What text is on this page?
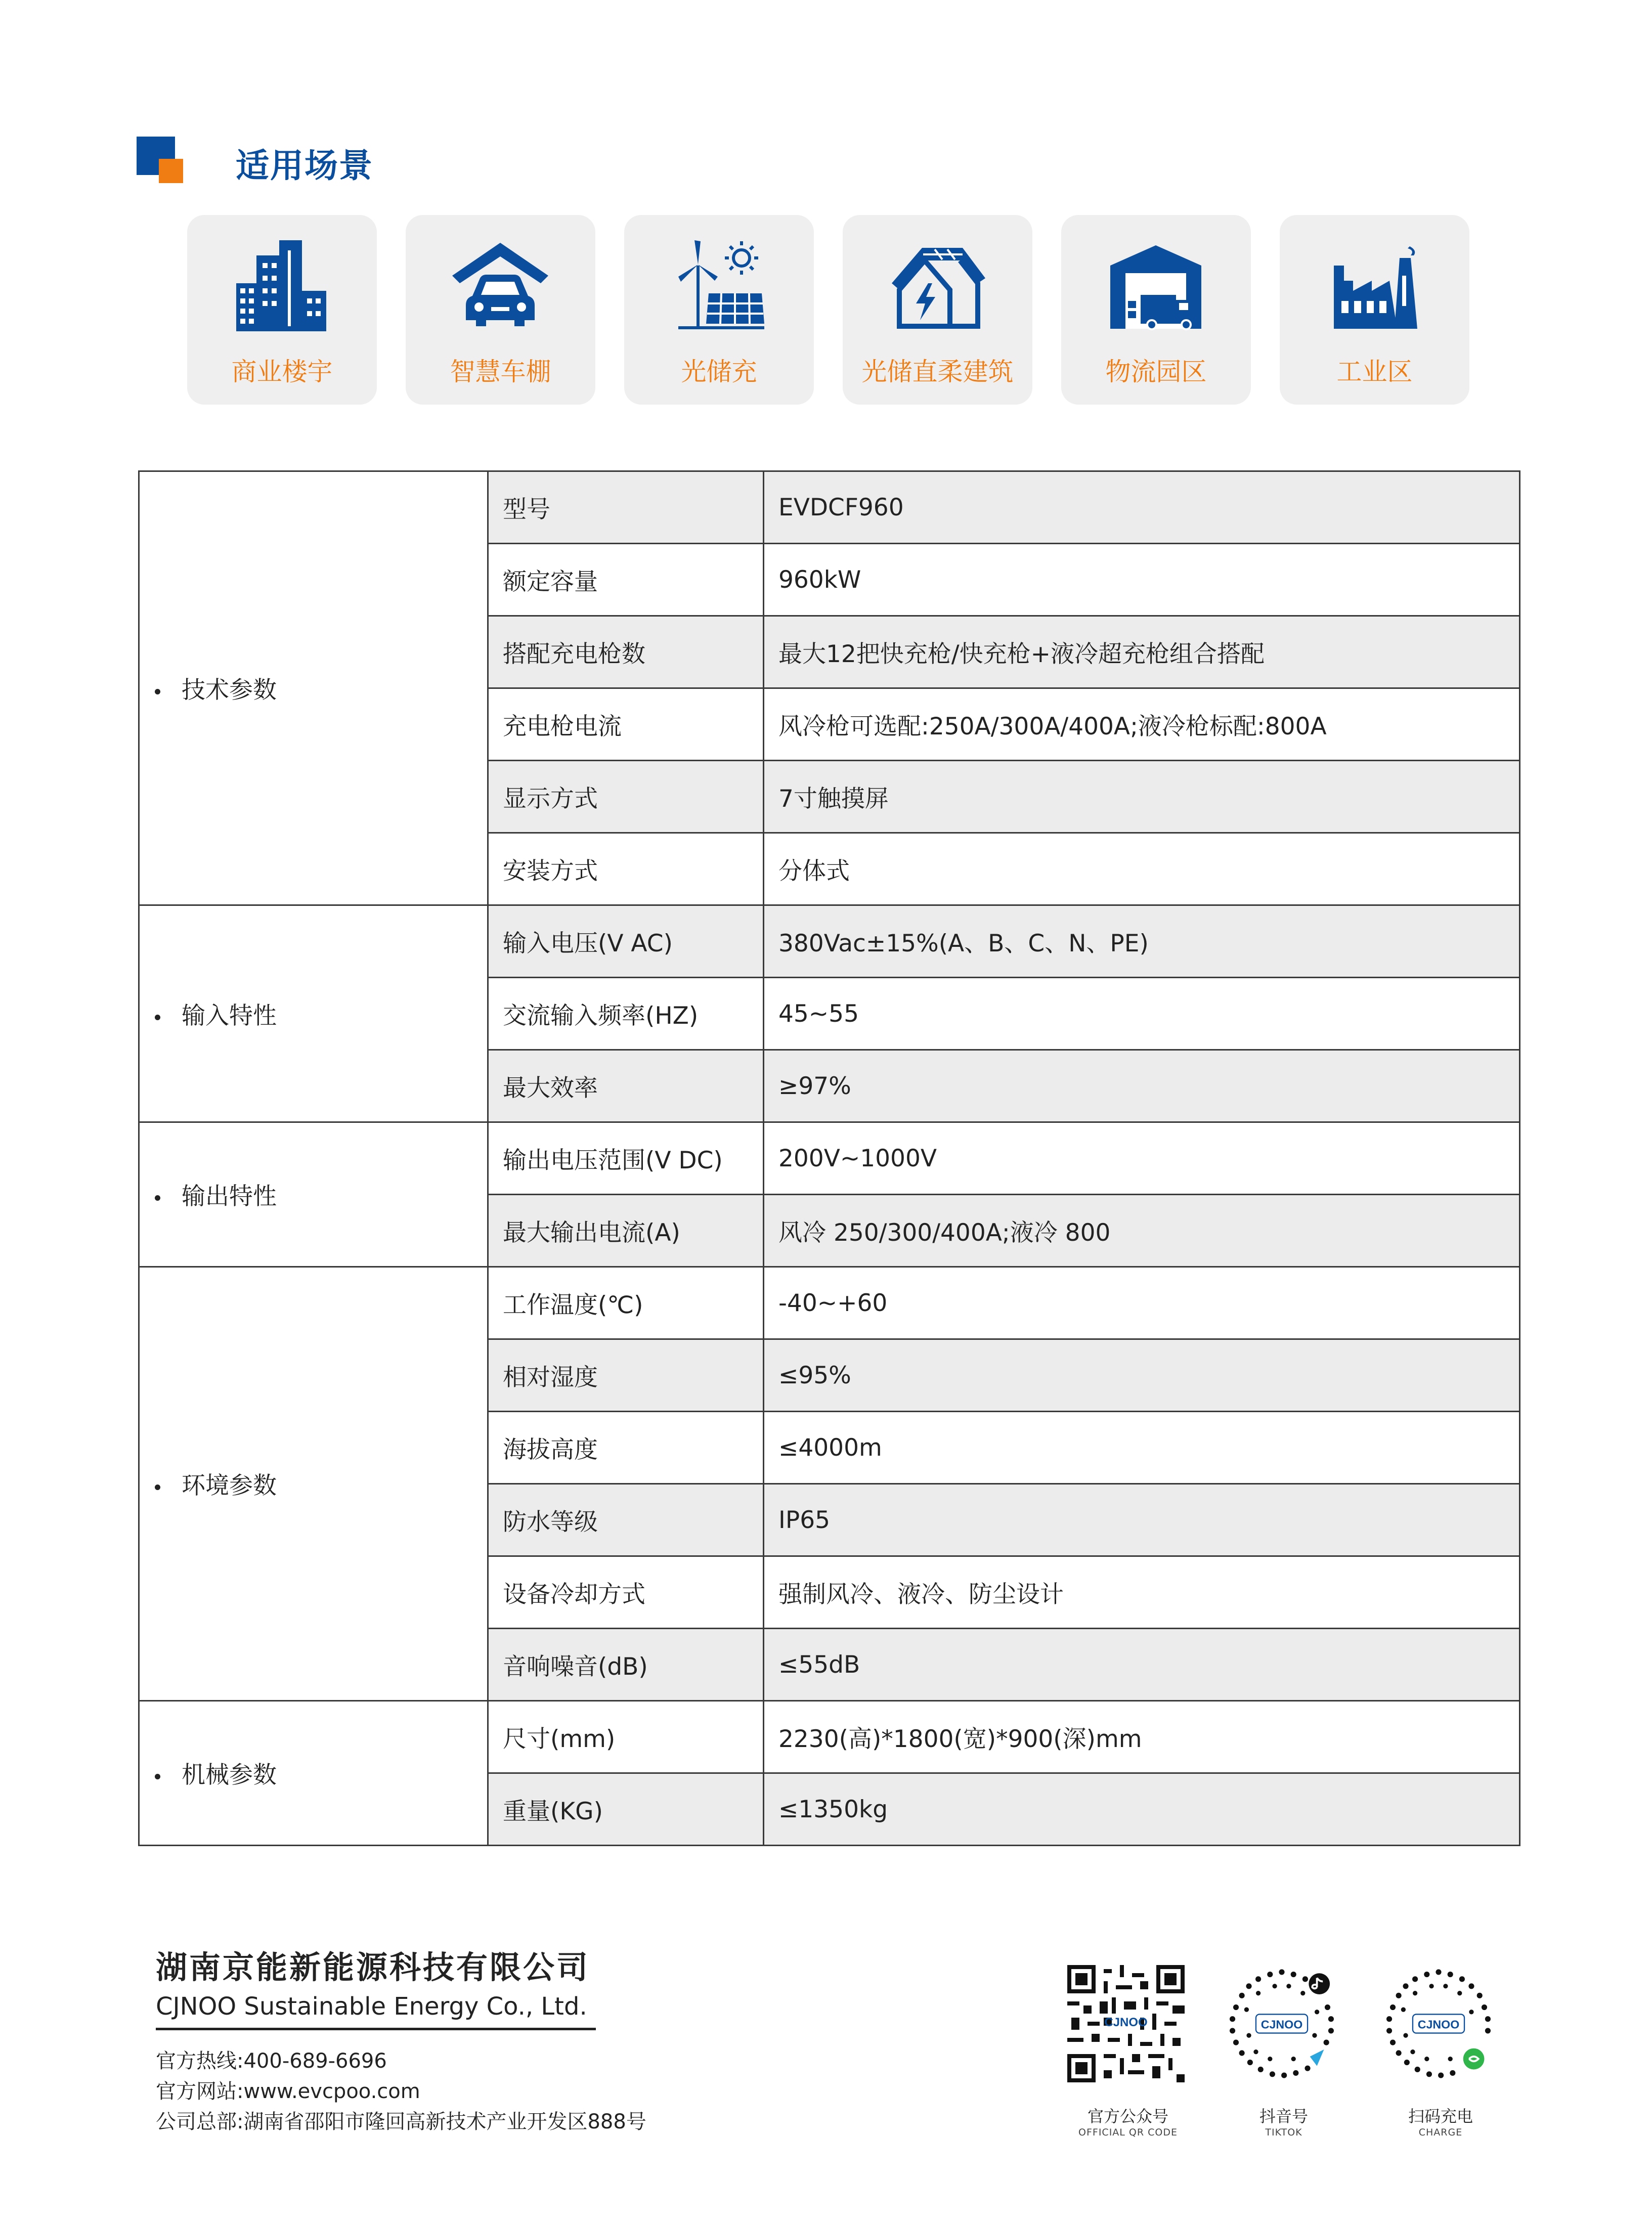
适用场景
商业楼宇	智慧车棚	光储充	光储直柔建筑	物流园区	工业区
技术参数	型号	EVDCF960
	额定容量	960kW
	搭配充电枪数	最大12把快充枪/快充枪+液冷超充枪组合搭配
	充电枪电流	风冷枪可选配:250A/300A/400A;液冷枪标配:800A
	显示方式	7寸触摸屏
	安装方式	分体式
输入特性	输入电压(V AC)	380Vac±15%(A、B、C、N、PE)
	交流输入频率(HZ)	45~55
	最大效率	≥97%
输出特性	输出电压范围(V DC)	200V~1000V
	最大输出电流(A)	风冷 250/300/400A;液冷 800
环境参数	工作温度(℃)	-40~+60
	相对湿度	≤95%
	海拔高度	≤4000m
	防水等级	IP65
	设备冷却方式	强制风冷、液冷、防尘设计
	音响噪音(dB)	≤55dB
机械参数	尺寸(mm)	2230(高)*1800(宽)*900(深)mm
	重量(KG)	≤1350kg
湖南京能新能源科技有限公司
CJNOO Sustainable Energy Co., Ltd.
官方热线:400-689-6696
官方网站:www.evcpoo.com
公司总部:湖南省邵阳市隆回高新技术产业开发区888号
CJNOO
官方公众号
OFFICIAL QR CODE
CJNOO
抖音号
TIKTOK
CJNOO
扫码充电
CHARGE
